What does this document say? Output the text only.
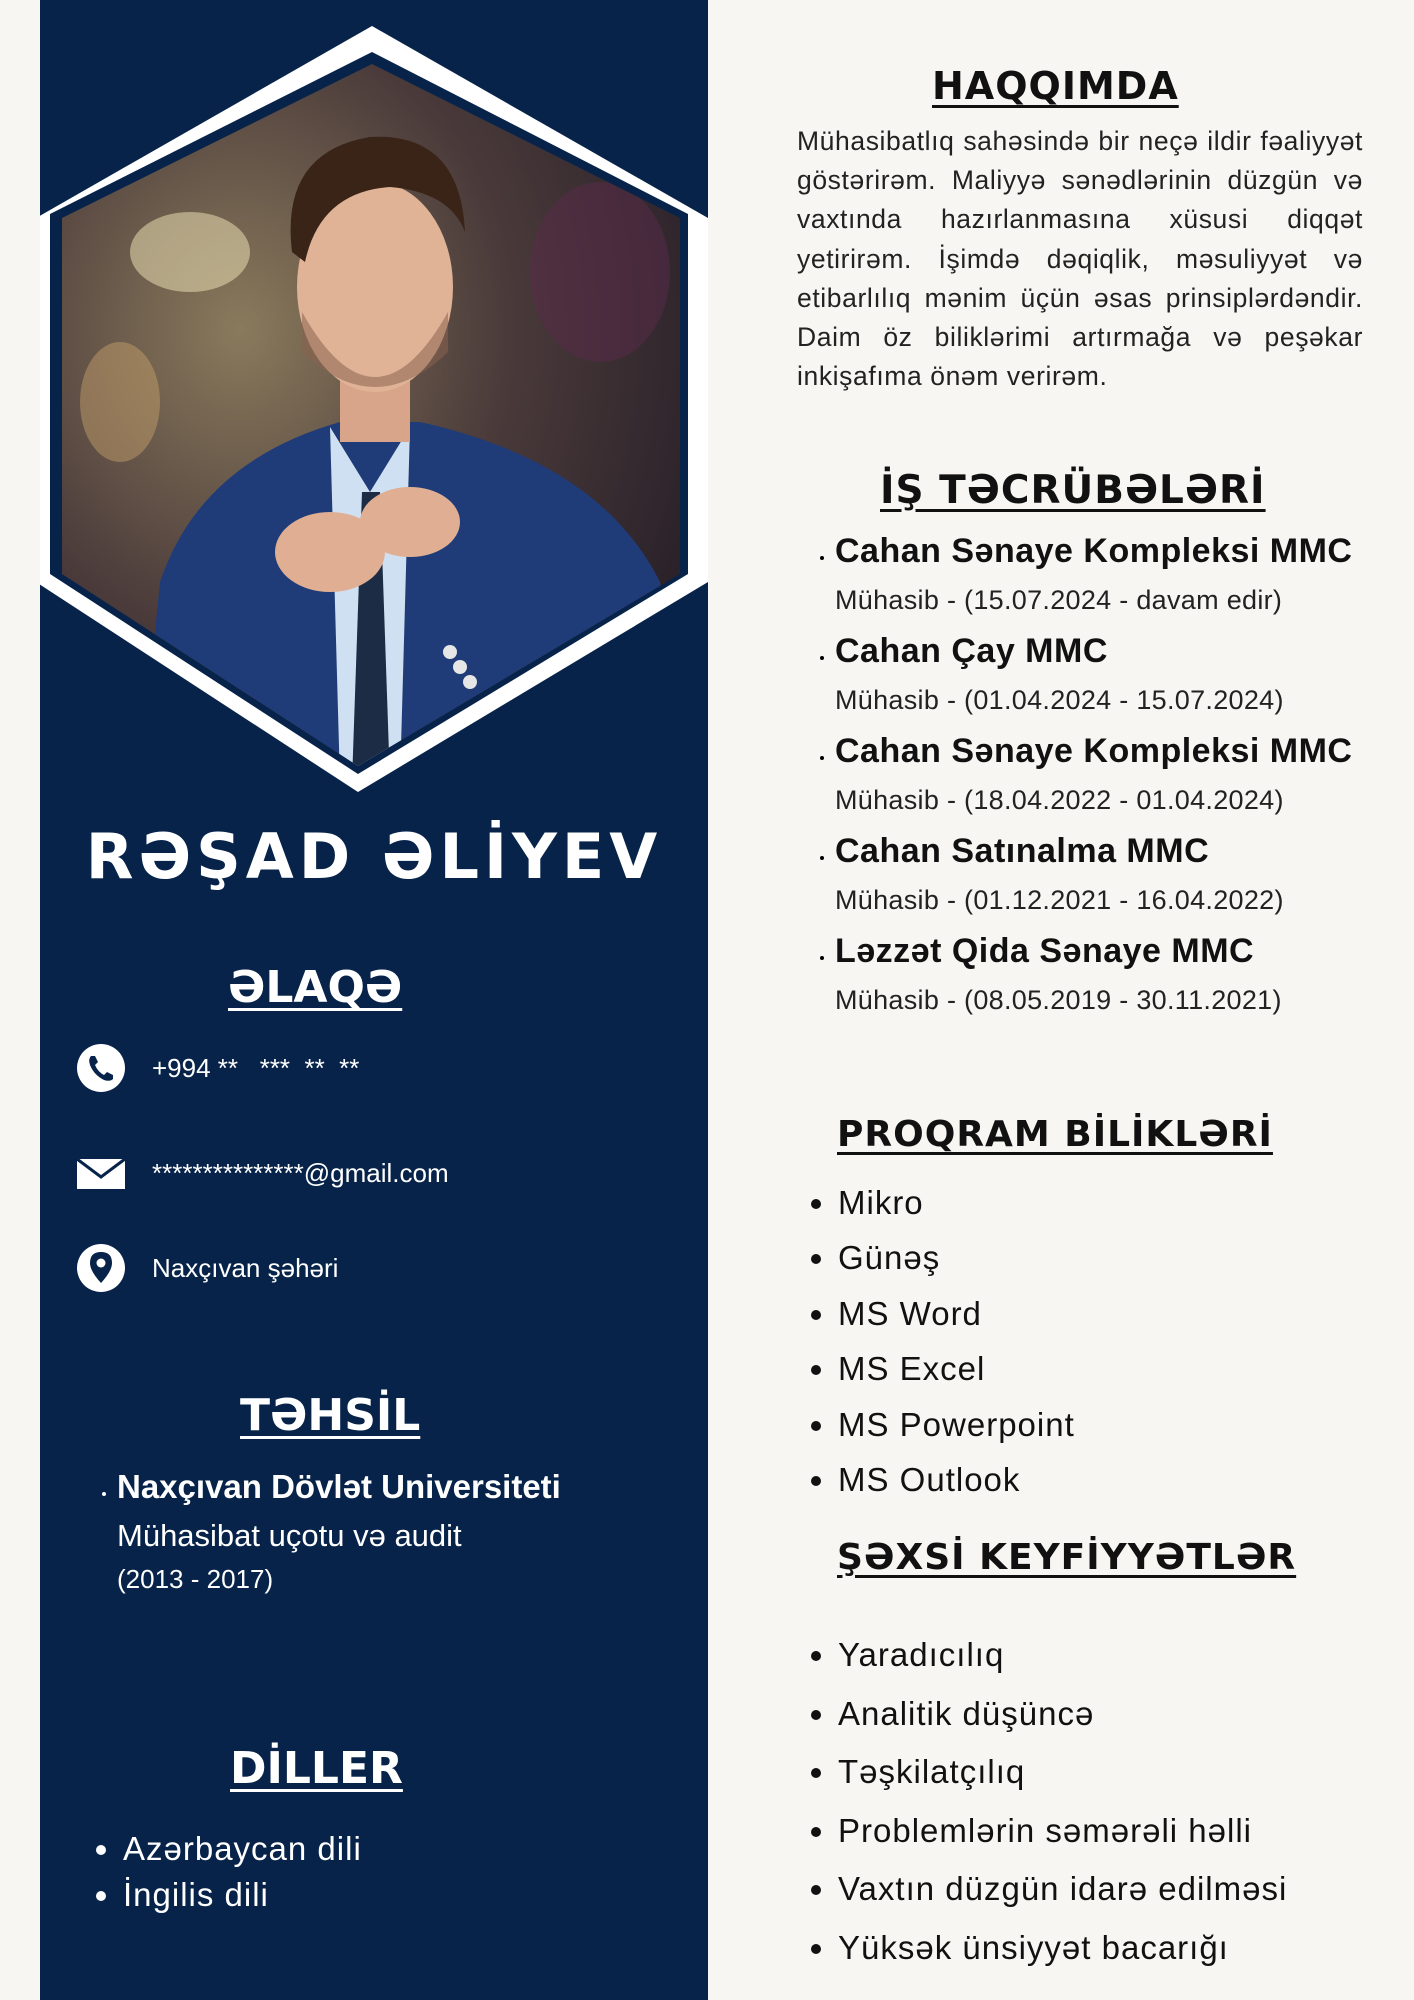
RƏŞAD ƏLİYEV
ƏLAQƏ
+994 **   ***  **  **
***************@gmail.com
Naxçıvan şəhəri
TƏHSİL
• Naxçıvan Dövlət Universiteti
Mühasibat uçotu və audit
(2013 - 2017)
DİLLER
• Azərbaycan dili
• İngilis dili
HAQQIMDA
Mühasibatlıq sahəsində bir neçə ildir fəaliyyət göstərirəm. Maliyyə sənədlərinin düzgün və vaxtında hazırlanmasına xüsusi diqqət yetirirəm. İşimdə dəqiqlik, məsuliyyət və etibarlılıq mənim üçün əsas prinsiplərdəndir. Daim öz biliklərimi artırmağa və peşəkar inkişafıma önəm verirəm.
İŞ TƏCRÜBƏLƏRİ
• Cahan Sənaye Kompleksi MMC
Mühasib - (15.07.2024 - davam edir)
• Cahan Çay MMC
Mühasib - (01.04.2024 - 15.07.2024)
• Cahan Sənaye Kompleksi MMC
Mühasib - (18.04.2022 - 01.04.2024)
• Cahan Satınalma MMC
Mühasib - (01.12.2021 - 16.04.2022)
• Ləzzət Qida Sənaye MMC
Mühasib - (08.05.2019 - 30.11.2021)
PROQRAM BİLİKLƏRİ
• Mikro
• Günəş
• MS Word
• MS Excel
• MS Powerpoint
• MS Outlook
ŞƏXSİ KEYFİYYƏTLƏR
• Yaradıcılıq
• Analitik düşüncə
• Təşkilatçılıq
• Problemlərin səmərəli həlli
• Vaxtın düzgün idarə edilməsi
• Yüksək ünsiyyət bacarığı
